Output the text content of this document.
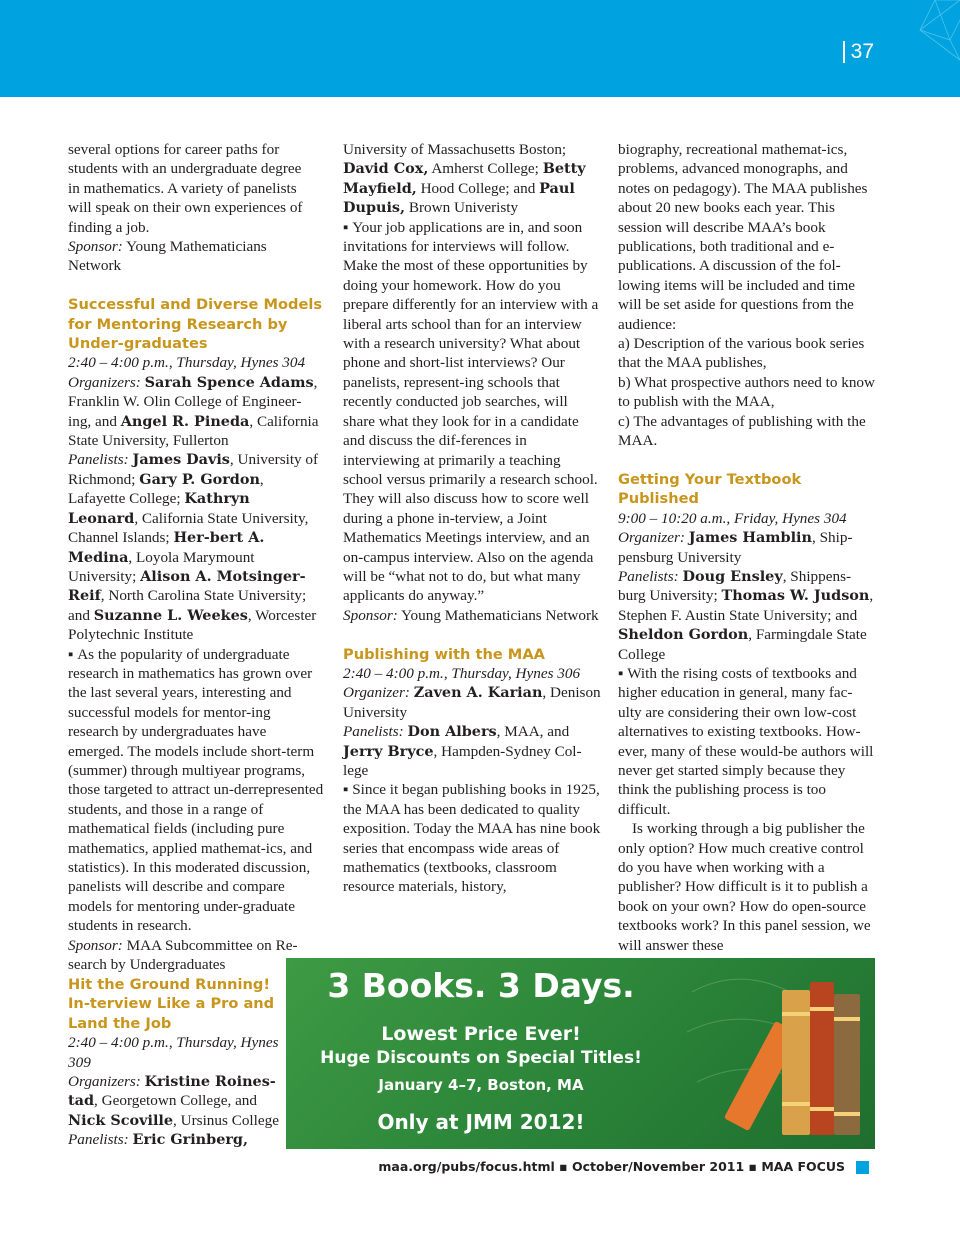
37

several options for career paths for

students with an undergraduate degree

in mathematics. A variety of panelists

will speak on their own experiences of

finding a job.

Sponsor: Young Mathematicians

Network

Successful and Diverse Models for Mentoring Research by Under-graduates

2:40 – 4:00 p.m., Thursday, Hynes 304

Organizers: Sarah Spence Adams, Franklin W. Olin College of Engineer-ing, and Angel R. Pineda, California State University, Fullerton

Panelists: James Davis, University of Richmond; Gary P. Gordon, Lafayette College; Kathryn Leonard, California State University, Channel Islands; Her-bert A. Medina, Loyola Marymount University; Alison A. Motsinger-Reif, North Carolina State University; and Suzanne L. Weekes, Worcester Polytechnic Institute

▪ As the popularity of undergraduate research in mathematics has grown over the last several years, interesting and successful models for mentor-ing research by undergraduates have emerged. The models include short-term (summer) through multiyear programs, those targeted to attract un-derrepresented students, and those in a range of mathematical fields (including pure mathematics, applied mathemat-ics, and statistics). In this moderated discussion, panelists will describe and compare models for mentoring under-graduate students in research.

Sponsor: MAA Subcommittee on Re-search by Undergraduates

Hit the Ground Running! In-terview Like a Pro and Land the Job

2:40 – 4:00 p.m., Thursday, Hynes 309

Organizers: Kristine Roines-tad, Georgetown College, and Nick Scoville, Ursinus College

Panelists: Eric Grinberg,

University of Massachusetts Boston; David Cox, Amherst College; Betty Mayfield, Hood College; and Paul Dupuis, Brown Univeristy

▪ Your job applications are in, and soon invitations for interviews will follow. Make the most of these opportunities by doing your homework. How do you prepare differently for an interview with a liberal arts school than for an interview with a research university? What about phone and short-list interviews? Our panelists, represent-ing schools that recently conducted job searches, will share what they look for in a candidate and discuss the dif-ferences in interviewing at primarily a teaching school versus primarily a research school. They will also discuss how to score well during a phone in-terview, a Joint Mathematics Meetings interview, and an on-campus interview. Also on the agenda will be “what not to do, but what many applicants do anyway.”

Sponsor: Young Mathematicians Network

Publishing with the MAA

2:40 – 4:00 p.m., Thursday, Hynes 306

Organizer: Zaven A. Karian, Denison University

Panelists: Don Albers, MAA, and Jerry Bryce, Hampden-Sydney Col-lege

▪ Since it began publishing books in 1925, the MAA has been dedicated to quality exposition. Today the MAA has nine book series that encompass wide areas of mathematics (textbooks, classroom resource materials, history,

biography, recreational mathemat-ics, problems, advanced monographs, and notes on pedagogy). The MAA publishes about 20 new books each year. This session will describe MAA’s book publications, both traditional and e-publications. A discussion of the fol-lowing items will be included and time will be set aside for questions from the audience:

a) Description of the various book series that the MAA publishes,

b) What prospective authors need to know to publish with the MAA,

c) The advantages of publishing with the MAA.

Getting Your Textbook Published

9:00 – 10:20 a.m., Friday, Hynes 304

Organizer: James Hamblin, Ship-pensburg University

Panelists: Doug Ensley, Shippens-burg University; Thomas W. Judson, Stephen F. Austin State University; and Sheldon Gordon, Farmingdale State College

▪ With the rising costs of textbooks and higher education in general, many fac-ulty are considering their own low-cost alternatives to existing textbooks. How-ever, many of these would-be authors will never get started simply because they think the publishing process is too difficult.

Is working through a big publisher the only option? How much creative control do you have when working with a publisher? How difficult is it to publish a book on your own? How do open-source textbooks work? In this panel session, we will answer these

3 Books. 3 Days.
Lowest Price Ever!
Huge Discounts on Special Titles!
January 4–7, Boston, MA
Only at JMM 2012!
maa.org/pubs/focus.html ▪ October/November 2011 ▪ MAA FOCUS
